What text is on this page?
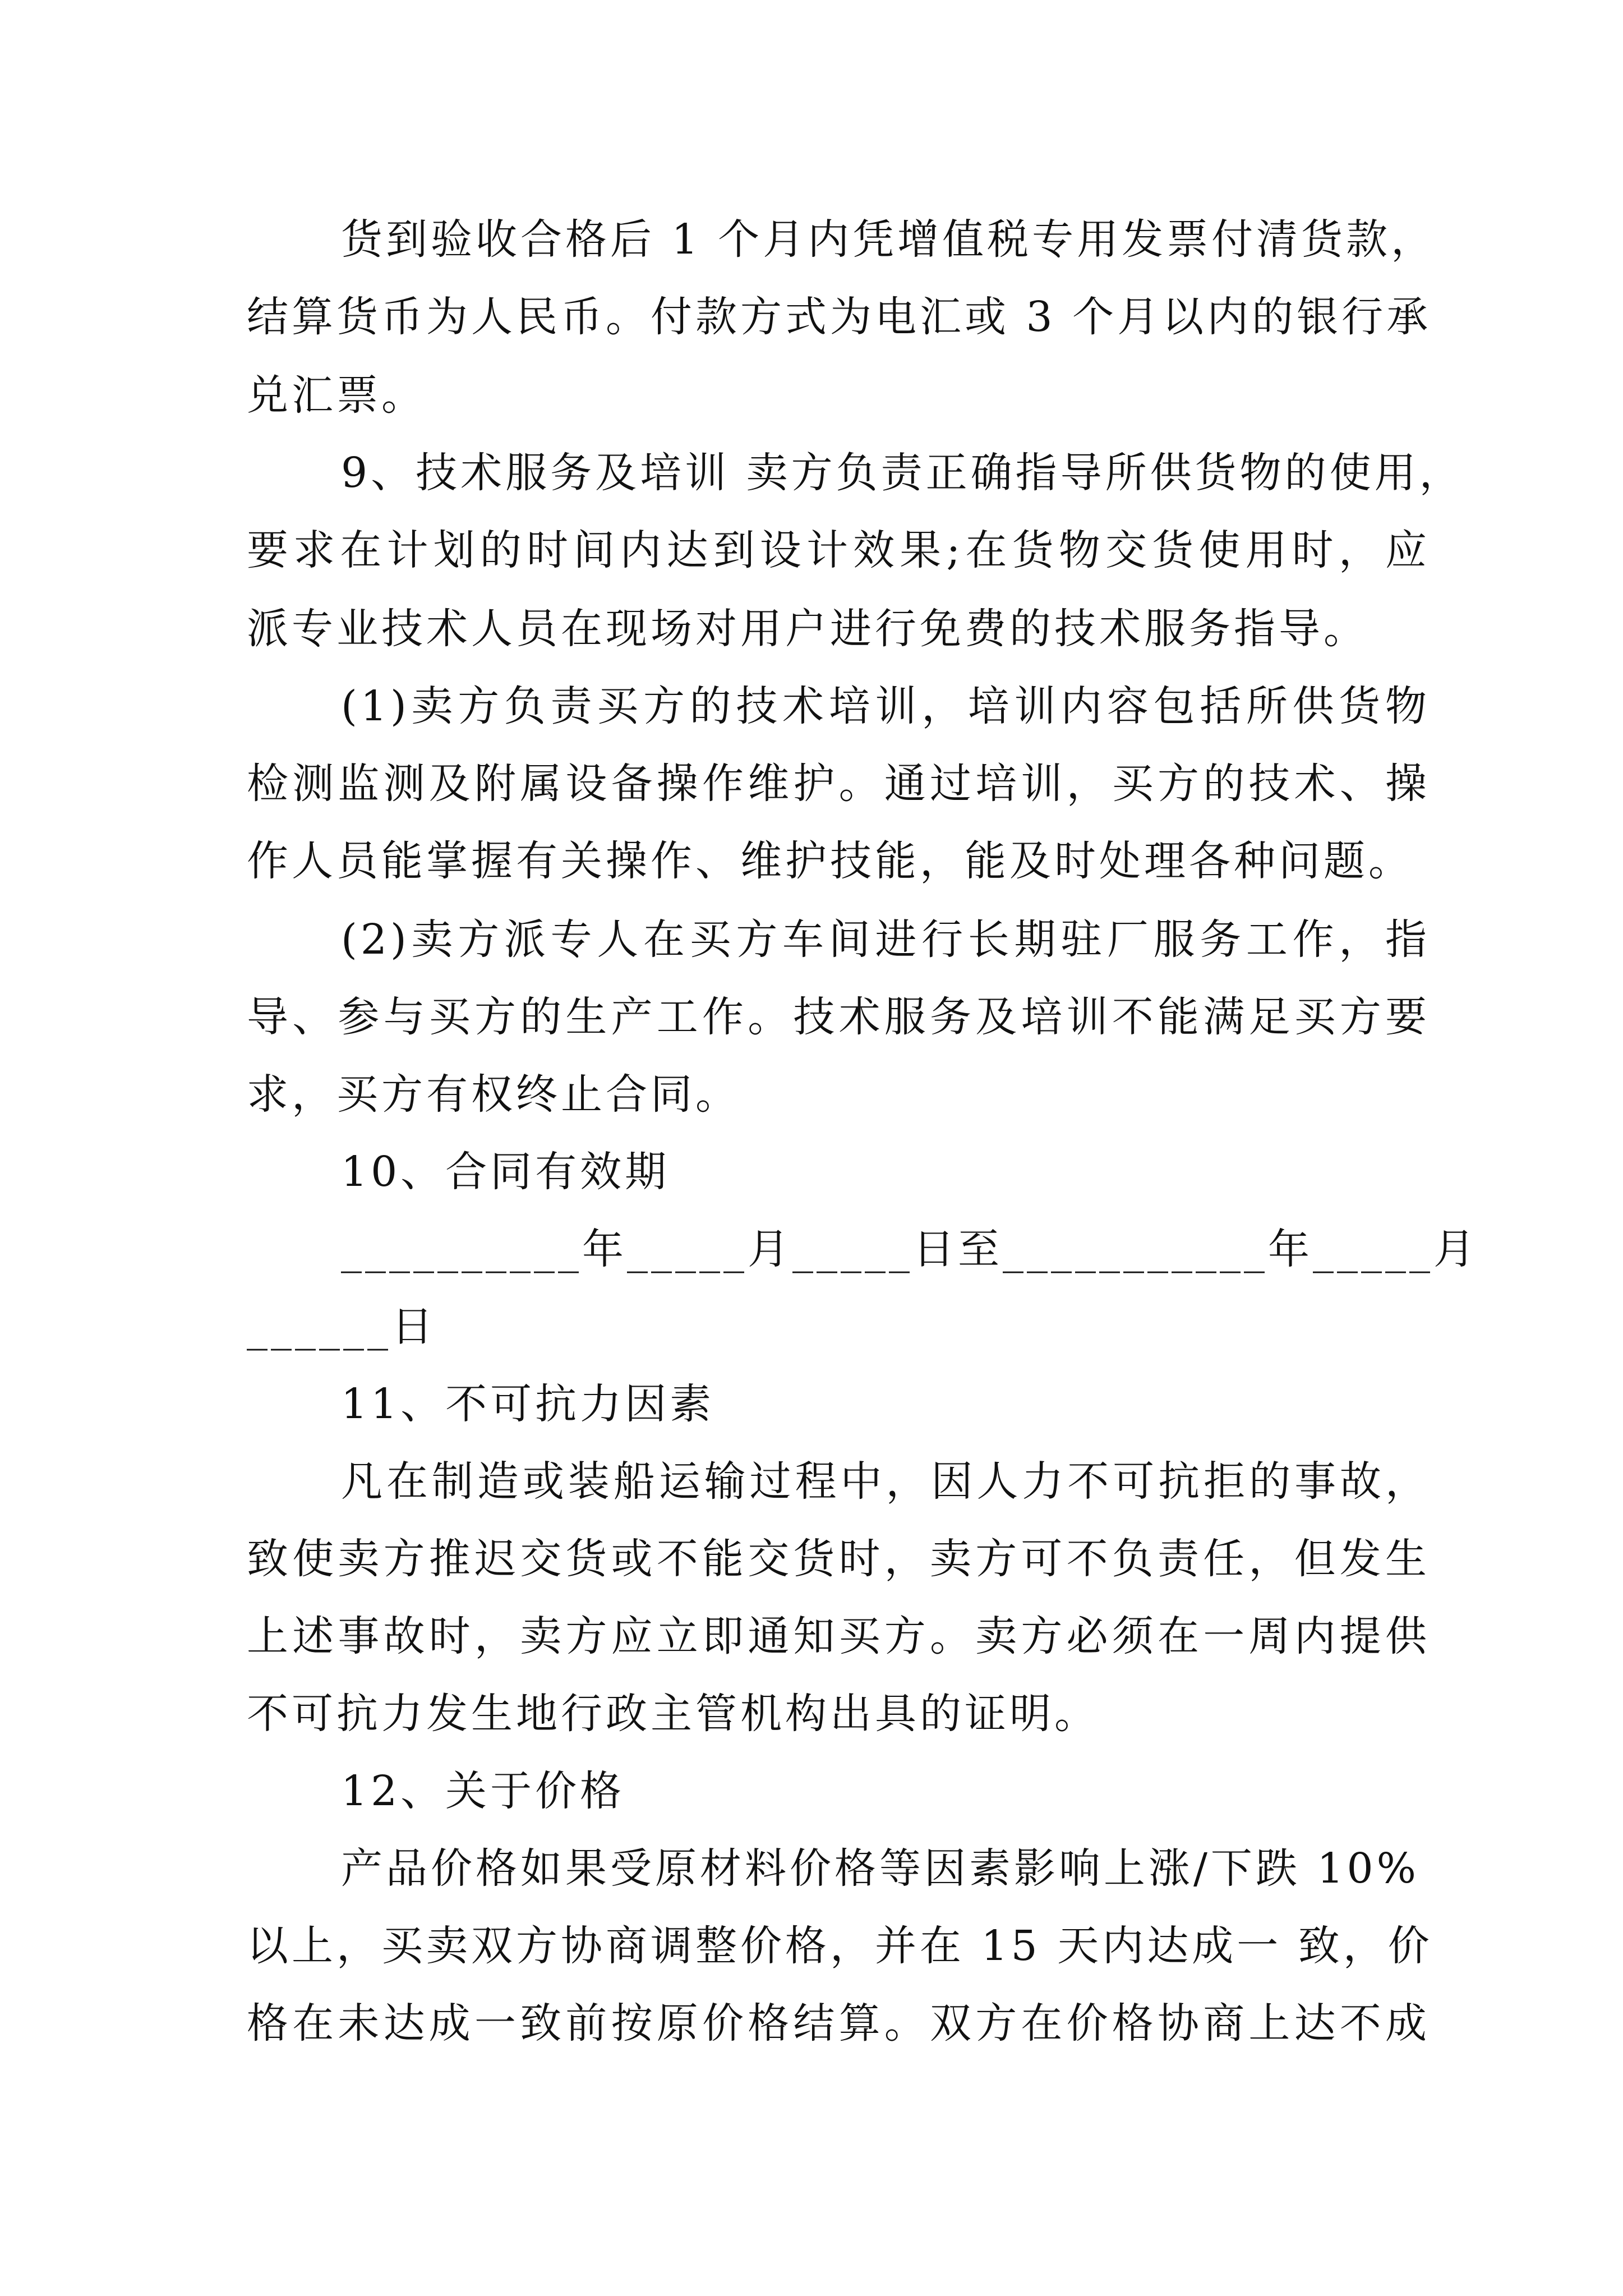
货到验收合格后 1 个月内凭增值税专用发票付清货款，
结算货币为人民币。付款方式为电汇或 3 个月以内的银行承
兑汇票。
9、技术服务及培训 卖方负责正确指导所供货物的使用，
要求在计划的时间内达到设计效果;在货物交货使用时，应
派专业技术人员在现场对用户进行免费的技术服务指导。
(1)卖方负责买方的技术培训，培训内容包括所供货物
检测监测及附属设备操作维护。通过培训，买方的技术、操
作人员能掌握有关操作、维护技能，能及时处理各种问题。
(2)卖方派专人在买方车间进行长期驻厂服务工作，指
导、参与买方的生产工作。技术服务及培训不能满足买方要
求，买方有权终止合同。
10、合同有效期
__________年_____月_____日至___________年_____月
______日
11、不可抗力因素
凡在制造或装船运输过程中，因人力不可抗拒的事故，
致使卖方推迟交货或不能交货时，卖方可不负责任，但发生
上述事故时，卖方应立即通知买方。卖方必须在一周内提供
不可抗力发生地行政主管机构出具的证明。
12、关于价格
产品价格如果受原材料价格等因素影响上涨/下跌 10%
以上，买卖双方协商调整价格，并在 15 天内达成一 致，价
格在未达成一致前按原价格结算。双方在价格协商上达不成
